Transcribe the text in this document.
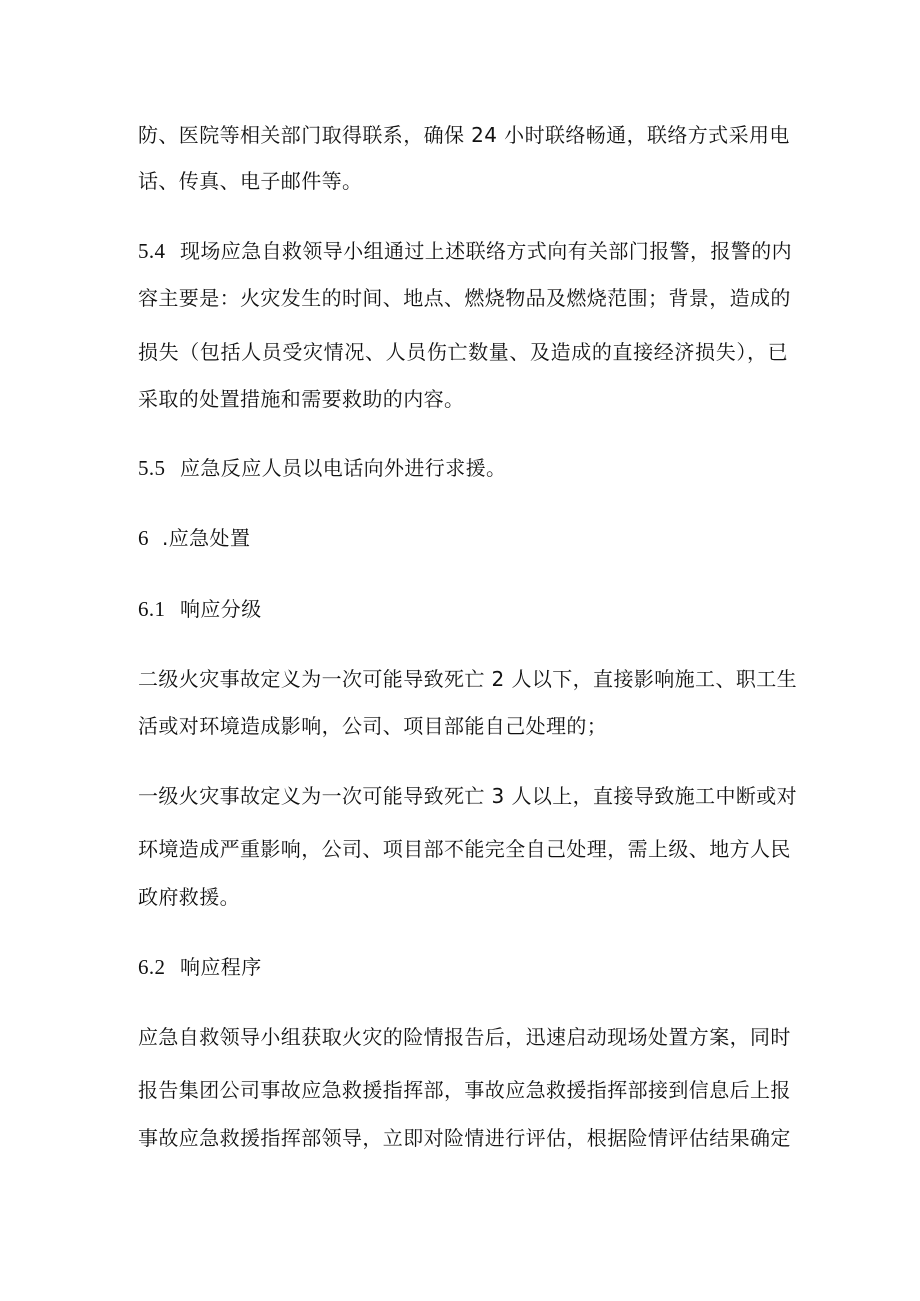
防、医院等相关部门取得联系，确保 24 小时联络畅通，联络方式采用电
话、传真、电子邮件等。
5.4 现场应急自救领导小组通过上述联络方式向有关部门报警，报警的内
容主要是：火灾发生的时间、地点、燃烧物品及燃烧范围；背景，造成的
损失（包括人员受灾情况、人员伤亡数量、及造成的直接经济损失），已
采取的处置措施和需要救助的内容。
5.5 应急反应人员以电话向外进行求援。
6 .应急处置
6.1 响应分级
二级火灾事故定义为一次可能导致死亡 2 人以下，直接影响施工、职工生
活或对环境造成影响，公司、项目部能自己处理的；
一级火灾事故定义为一次可能导致死亡 3 人以上，直接导致施工中断或对
环境造成严重影响，公司、项目部不能完全自己处理，需上级、地方人民
政府救援。
6.2 响应程序
应急自救领导小组获取火灾的险情报告后，迅速启动现场处置方案，同时
报告集团公司事故应急救援指挥部，事故应急救援指挥部接到信息后上报
事故应急救援指挥部领导，立即对险情进行评估，根据险情评估结果确定
